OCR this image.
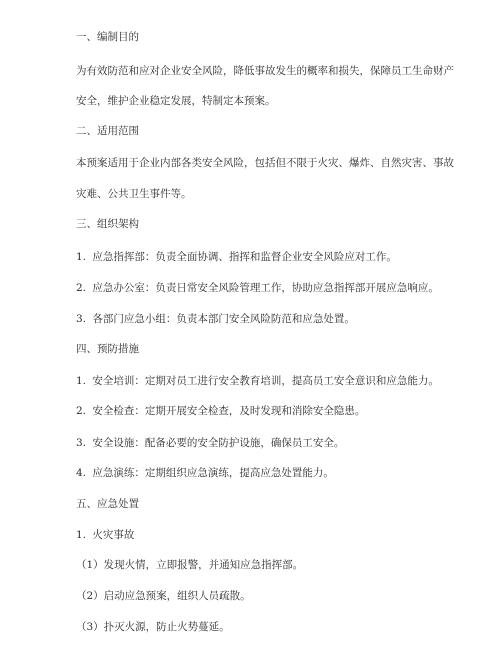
一、编制目的
为有效防范和应对企业安全风险，降低事故发生的概率和损失，保障员工生命财产
安全，维护企业稳定发展，特制定本预案。
二、适用范围
本预案适用于企业内部各类安全风险，包括但不限于火灾、爆炸、自然灾害、事故
灾难、公共卫生事件等。
三、组织架构
1. 应急指挥部：负责全面协调、指挥和监督企业安全风险应对工作。
2. 应急办公室：负责日常安全风险管理工作，协助应急指挥部开展应急响应。
3. 各部门应急小组：负责本部门安全风险防范和应急处置。
四、预防措施
1. 安全培训：定期对员工进行安全教育培训，提高员工安全意识和应急能力。
2. 安全检查：定期开展安全检查，及时发现和消除安全隐患。
3. 安全设施：配备必要的安全防护设施，确保员工安全。
4. 应急演练：定期组织应急演练，提高应急处置能力。
五、应急处置
1. 火灾事故
（1）发现火情，立即报警，并通知应急指挥部。
（2）启动应急预案，组织人员疏散。
（3）扑灭火源，防止火势蔓延。
